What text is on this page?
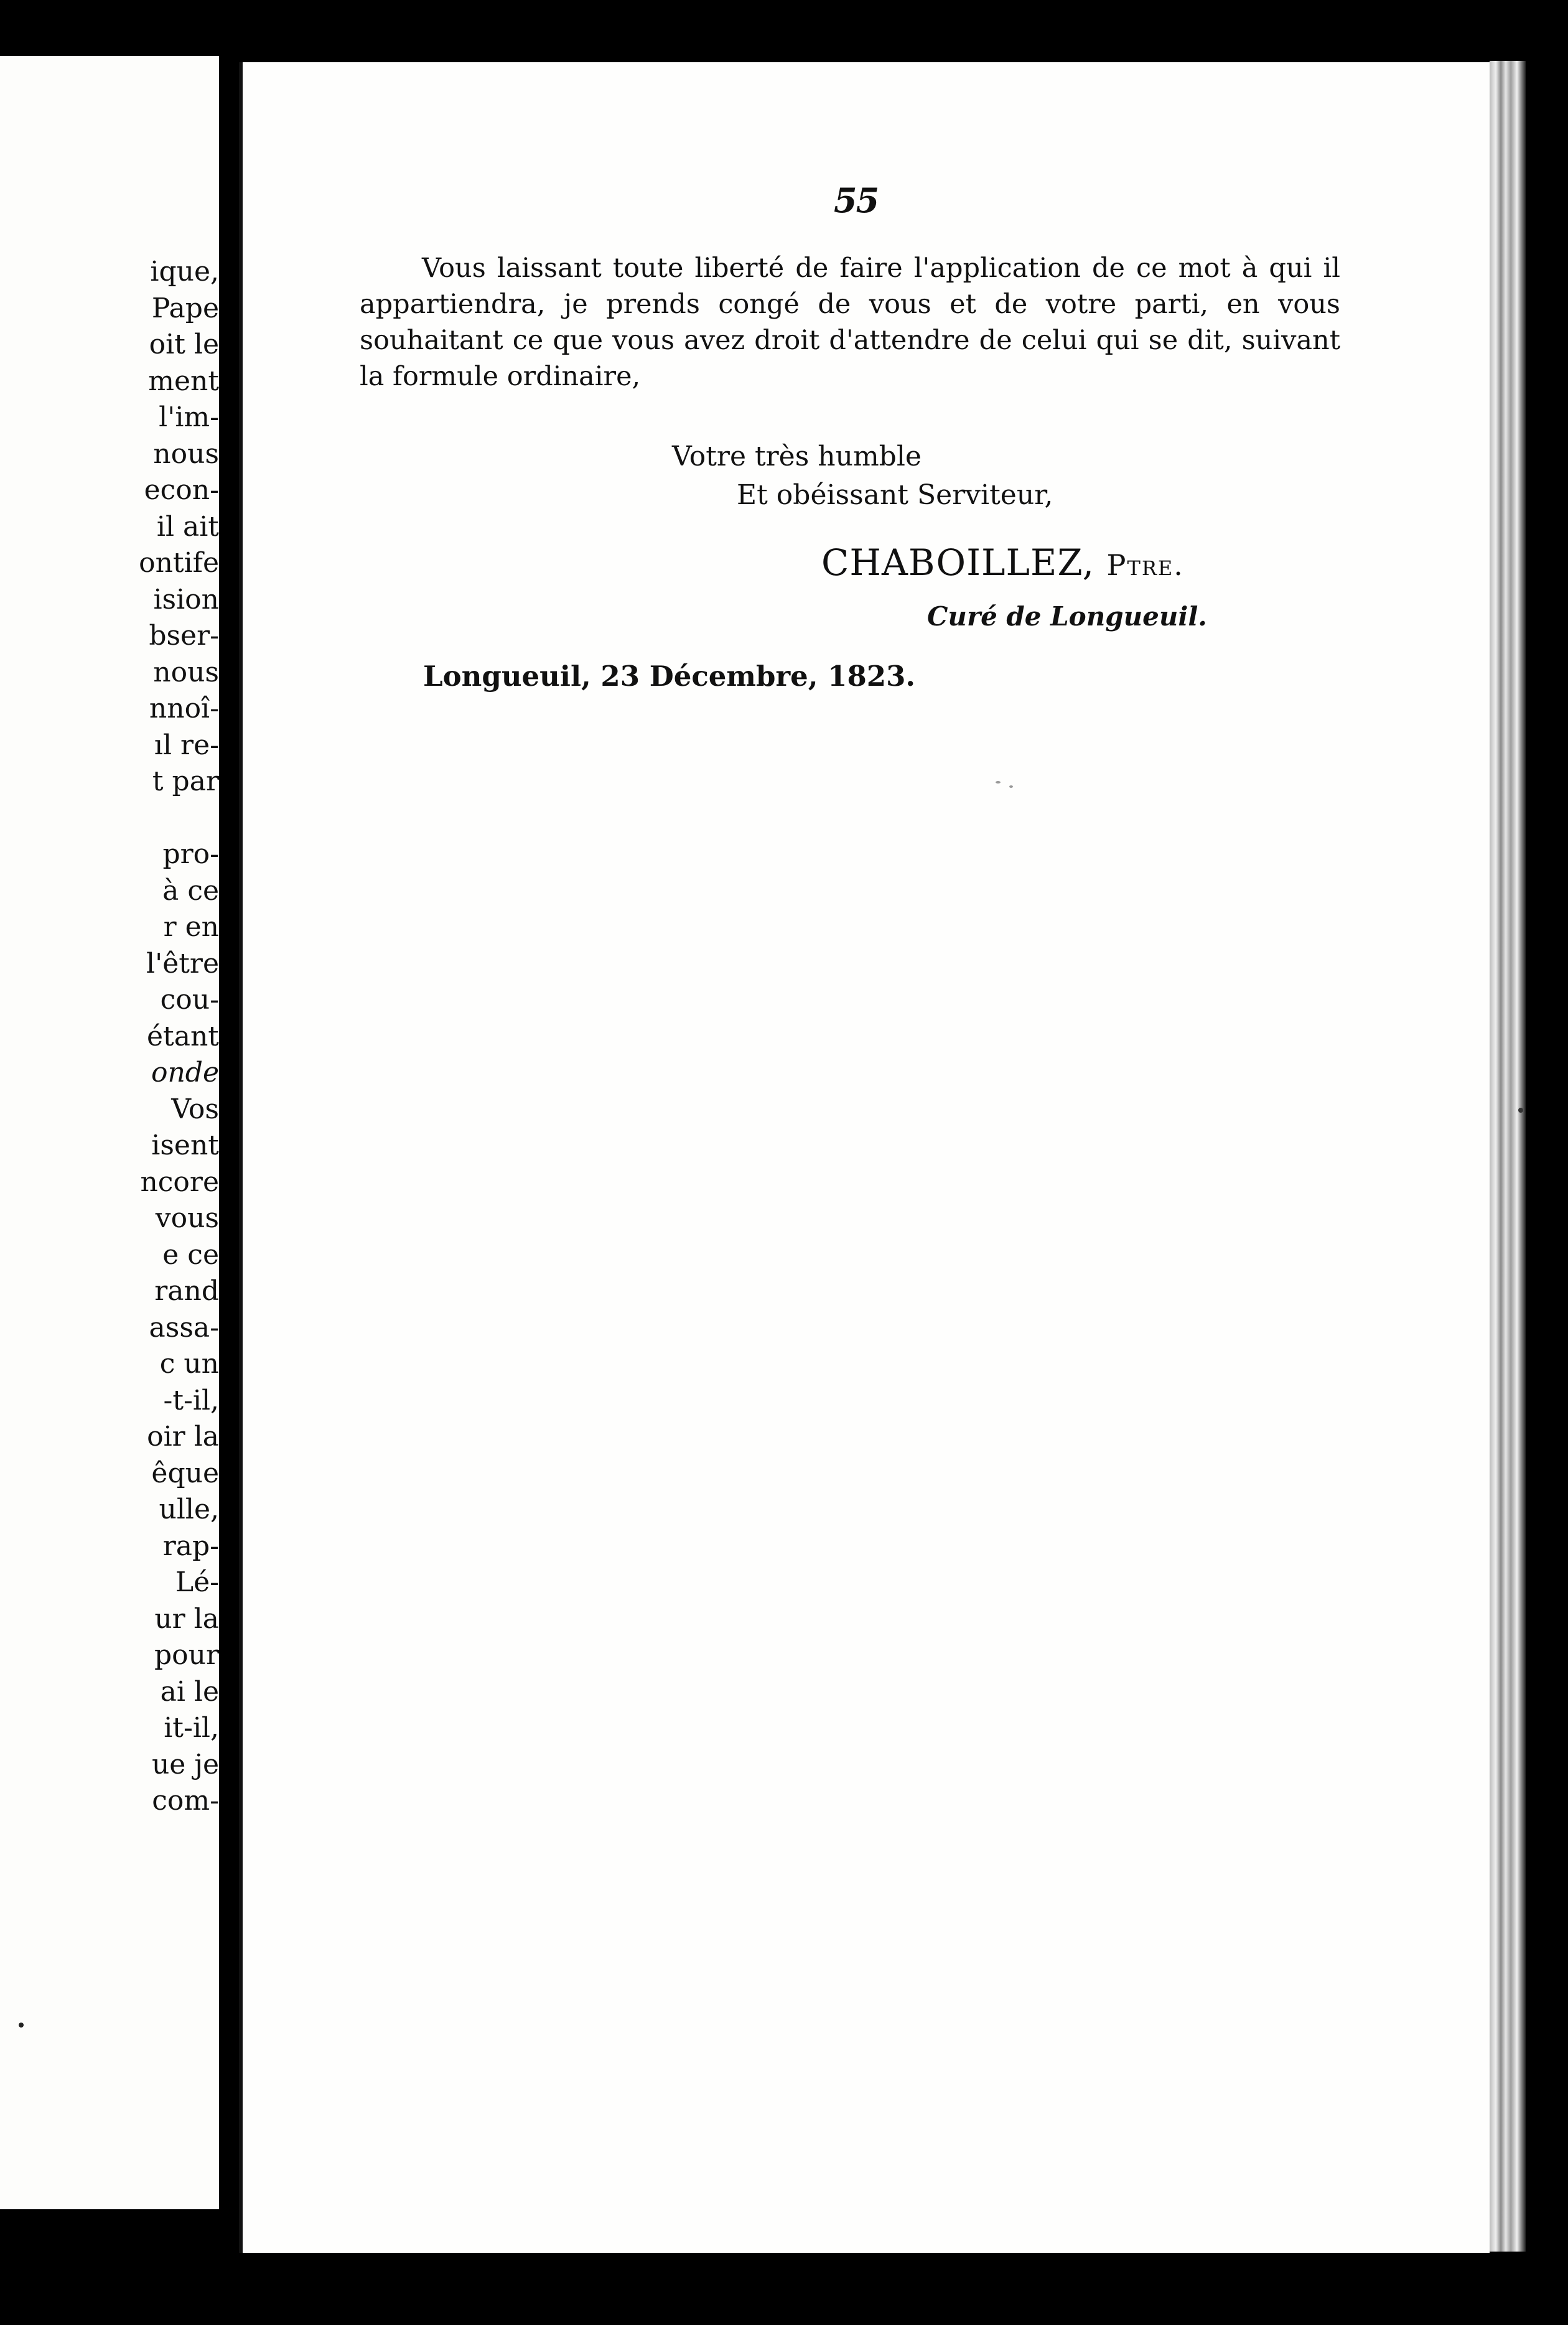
ique,
Pape
oit le
ment
l'im-
nous
econ-
il ait
ontife
ision
bser-
nous
nnoî-
ıl re-
t par
pro-
à ce
r en
l'être
cou-
étant
onde
Vos
isent
ncore
vous
e ce
rand
assa-
c un
-t-il,
oir la
êque
ulle,
rap-
Lé-
ur la
pour
ai le
it-il,
ue je
com-
55

Vous laissant toute liberté de faire l'application de ce mot à qui il appartiendra, je prends congé de vous et de votre parti, en vous souhaitant ce que vous avez droit d'attendre de celui qui se dit, suivant la formule ordinaire,

Votre très humble
Et obéissant Serviteur,
CHABOILLEZ, Ptre.
Curé de Longueuil.
Longueuil, 23 Décembre, 1823.
